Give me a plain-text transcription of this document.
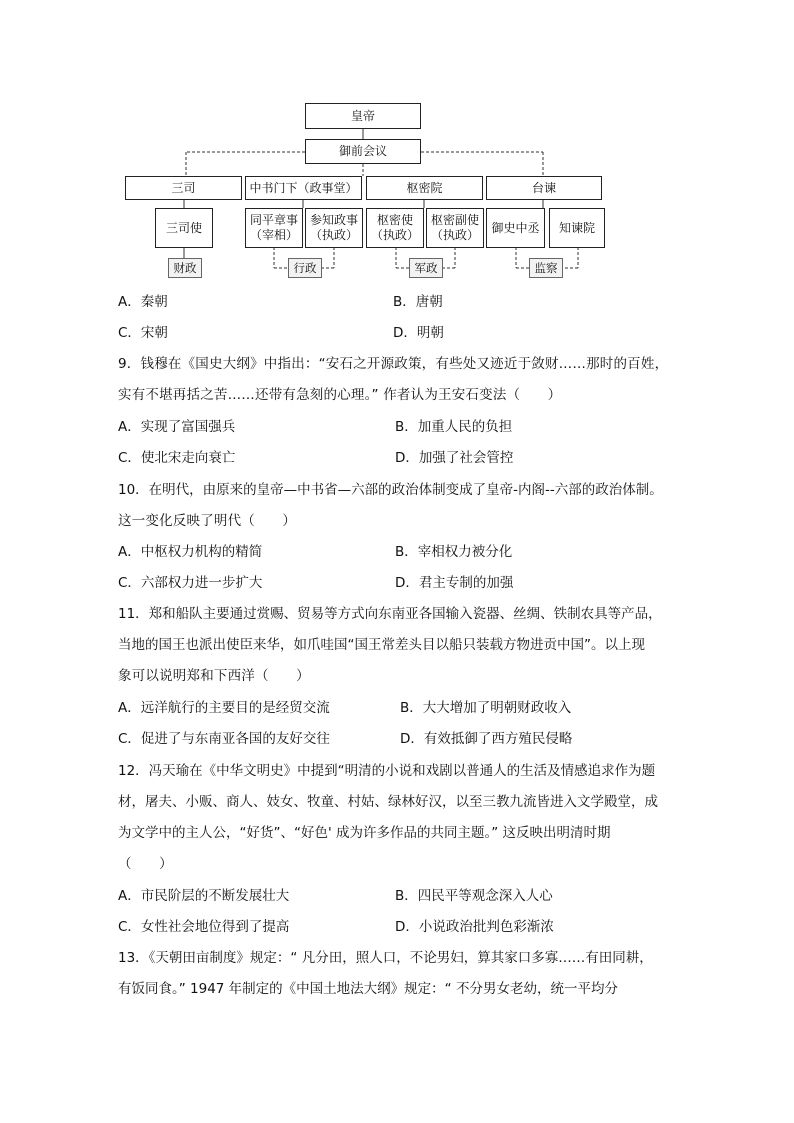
皇帝
御前会议
三司	中书门下（政事堂）	枢密院	台谏
三司使
同平章事
（宰相）
参知政事
（执政）
枢密使
（执政）
枢密副使
（执政）
御史中丞	知谏院
财政	行政	军政	监察
A．秦朝	B．唐朝
C．宋朝	D．明朝
9．钱穆在《国史大纲》中指出：“安石之开源政策，有些处又迹近于敛财……那时的百姓，
实有不堪再括之苦……还带有急刻的心理。” 作者认为王安石变法（　　）
A．实现了富国强兵	B．加重人民的负担
C．使北宋走向衰亡	D．加强了社会管控
10．在明代，由原来的皇帝—中书省—六部的政治体制变成了皇帝-内阁--六部的政治体制。
这一变化反映了明代（　　）
A．中枢权力机构的精简	B．宰相权力被分化
C．六部权力进一步扩大	D．君主专制的加强
11．郑和船队主要通过赏赐、贸易等方式向东南亚各国输入瓷器、丝绸、铁制农具等产品，
当地的国王也派出使臣来华，如爪哇国“国王常差头目以船只装载方物进贡中国”。以上现
象可以说明郑和下西洋（　　）
A．远洋航行的主要目的是经贸交流	B．大大增加了明朝财政收入
C．促进了与东南亚各国的友好交往	D．有效抵御了西方殖民侵略
12．冯天瑜在《中华文明史》中提到“明清的小说和戏剧以普通人的生活及情感追求作为题
材，屠夫、小贩、商人、妓女、牧童、村姑、绿林好汉，以至三教九流皆进入文学殿堂，成
为文学中的主人公，“好货”、“好色' 成为许多作品的共同主题。” 这反映出明清时期
（　　）
A．市民阶层的不断发展壮大	B．四民平等观念深入人心
C．女性社会地位得到了提高	D．小说政治批判色彩渐浓
13．《天朝田亩制度》规定：“ 凡分田，照人口，不论男妇，算其家口多寡……有田同耕，
有饭同食。” 1947 年制定的《中国土地法大纲》规定：“ 不分男女老幼，统一平均分
